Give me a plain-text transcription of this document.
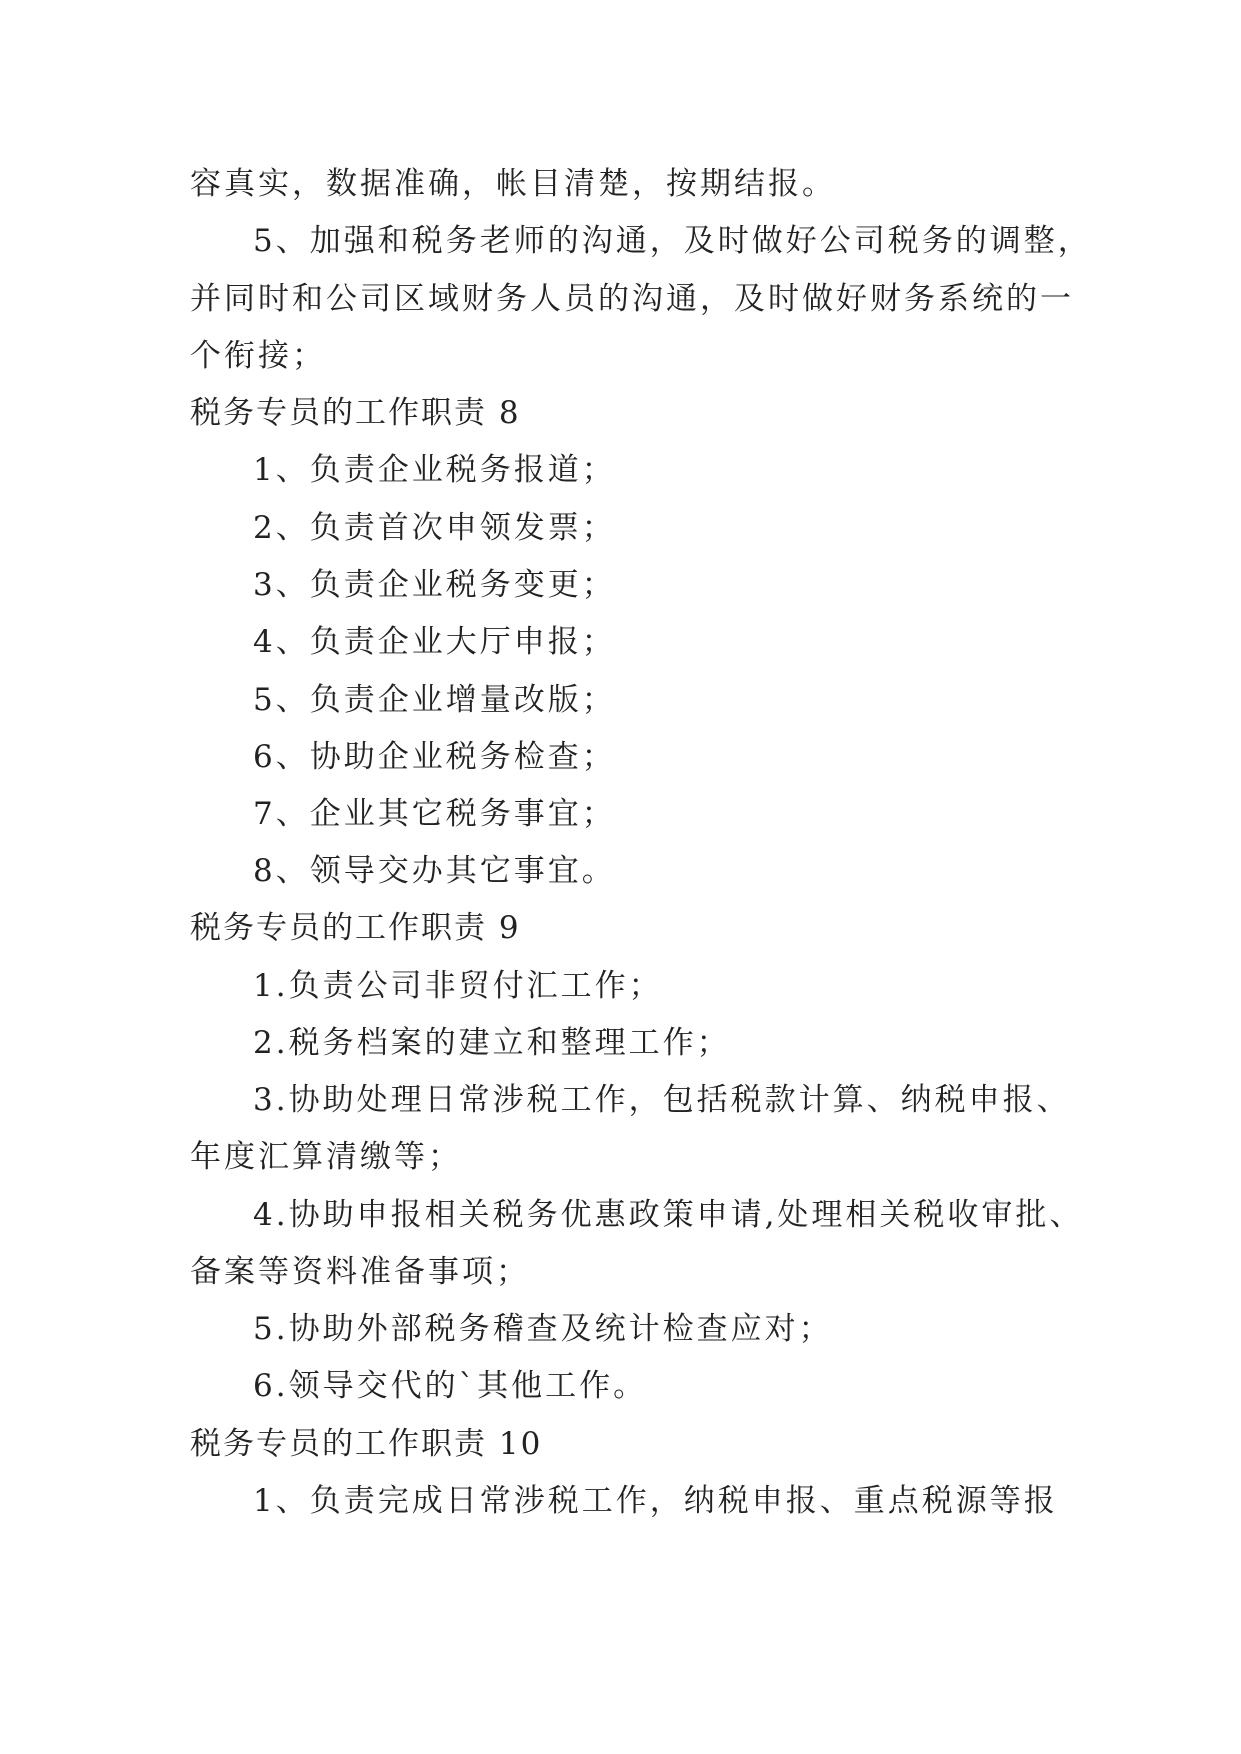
容真实，数据准确，帐目清楚，按期结报。
5、加强和税务老师的沟通，及时做好公司税务的调整，
并同时和公司区域财务人员的沟通，及时做好财务系统的一
个衔接；
税务专员的工作职责 8
1、负责企业税务报道；
2、负责首次申领发票；
3、负责企业税务变更；
4、负责企业大厅申报；
5、负责企业增量改版；
6、协助企业税务检查；
7、企业其它税务事宜；
8、领导交办其它事宜。
税务专员的工作职责 9
1.负责公司非贸付汇工作；
2.税务档案的建立和整理工作；
3.协助处理日常涉税工作，包括税款计算、纳税申报、
年度汇算清缴等；
4.协助申报相关税务优惠政策申请,处理相关税收审批、
备案等资料准备事项；
5.协助外部税务稽查及统计检查应对；
6.领导交代的`其他工作。
税务专员的工作职责 10
1、负责完成日常涉税工作，纳税申报、重点税源等报
